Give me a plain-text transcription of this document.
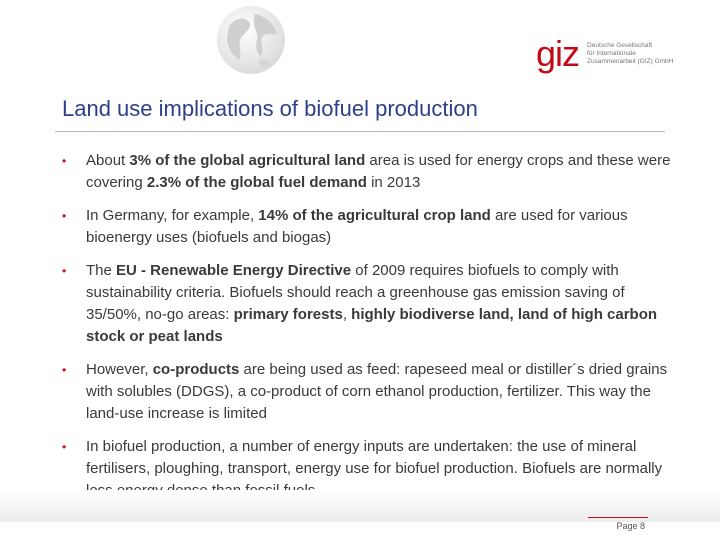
giz Deutsche Gesellschaft
für Internationale
Zusammenarbeit (GIZ) GmbH
Land use implications of biofuel production
• About 3% of the global agricultural land area is used for energy crops and these were covering 2.3% of the global fuel demand in 2013
• In Germany, for example, 14% of the agricultural crop land are used for various bioenergy uses (biofuels and biogas)
• The EU - Renewable Energy Directive of 2009 requires biofuels to comply with sustainability criteria. Biofuels should reach a greenhouse gas emission saving of 35/50%, no-go areas: primary forests, highly biodiverse land, land of high carbon stock or peat lands
• However, co-products are being used as feed: rapeseed meal or distiller´s dried grains with solubles (DDGS), a co-product of corn ethanol production, fertilizer. This way the land-use increase is limited
• In biofuel production, a number of energy inputs are undertaken: the use of mineral fertilisers, ploughing, transport, energy use for biofuel production. Biofuels are normally
Page 8
